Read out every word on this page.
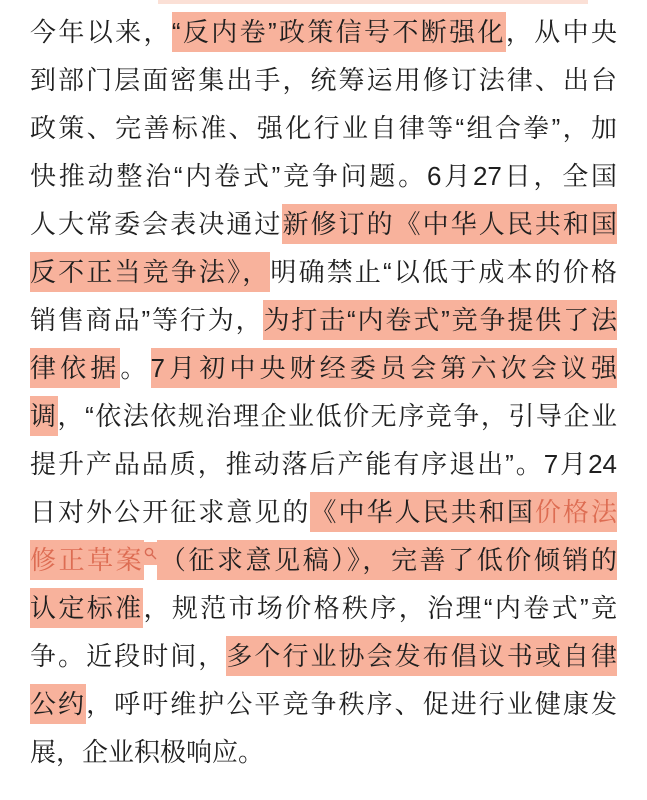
今年以来，“反内卷”政策信号不断强化，从中央
到部门层面密集出手，统筹运用修订法律、出台
政策、完善标准、强化行业自律等“组合拳”，加
快推动整治“内卷式”竞争问题。6月27日，全国
人大常委会表决通过新修订的《中华人民共和国
反不正当竞争法》，明确禁止“以低于成本的价格
销售商品”等行为，为打击“内卷式”竞争提供了法
律依据。7月初中央财经委员会第六次会议强
调，“依法依规治理企业低价无序竞争，引导企业
提升产品品质，推动落后产能有序退出”。7月24
日对外公开征求意见的《中华人民共和国价格法
修正草案 （征求意见稿）》，完善了低价倾销的
认定标准，规范市场价格秩序，治理“内卷式”竞
争。近段时间，多个行业协会发布倡议书或自律
公约，呼吁维护公平竞争秩序、促进行业健康发
展，企业积极响应。
